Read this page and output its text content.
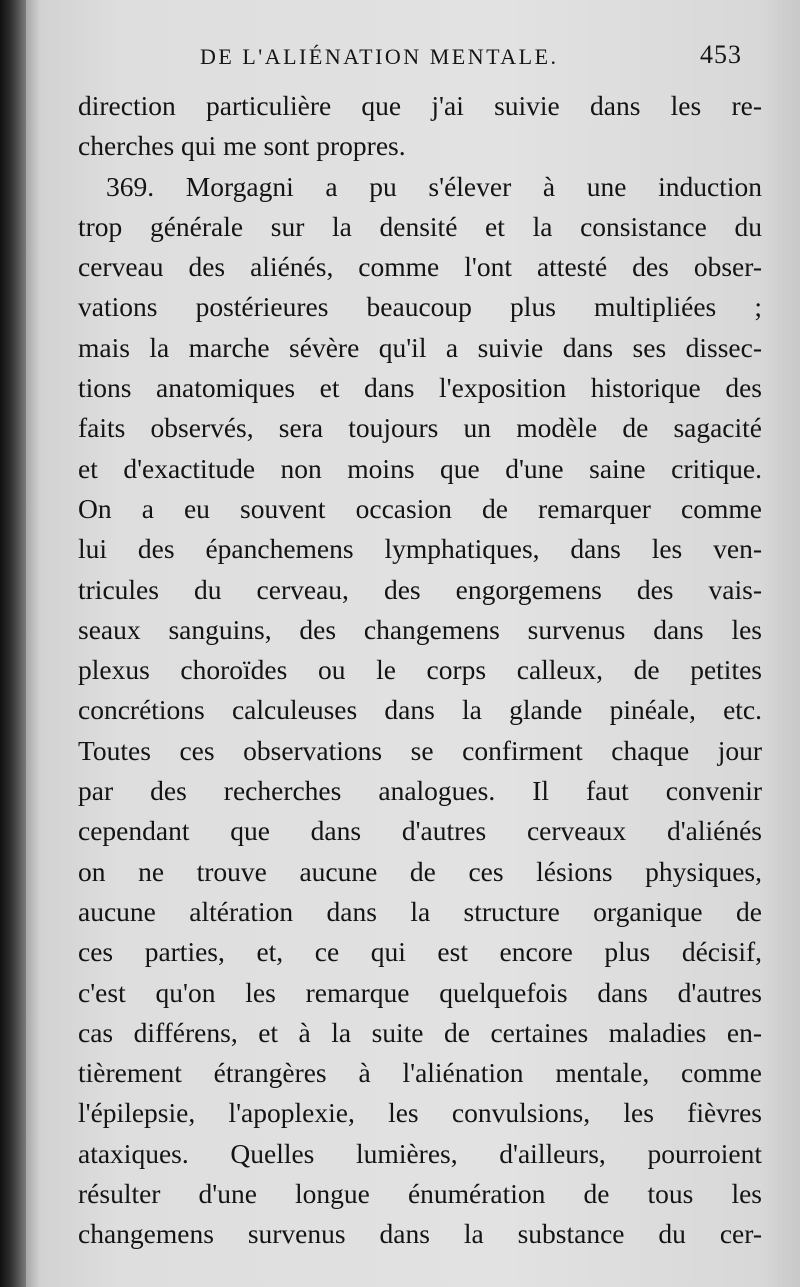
DE L'ALIÉNATION MENTALE.	453
direction particulière que j'ai suivie dans les re-
cherches qui me sont propres.
369. Morgagni a pu s'élever à une induction
trop générale sur la densité et la consistance du
cerveau des aliénés, comme l'ont attesté des obser-
vations postérieures beaucoup plus multipliées ;
mais la marche sévère qu'il a suivie dans ses dissec-
tions anatomiques et dans l'exposition historique des
faits observés, sera toujours un modèle de sagacité
et d'exactitude non moins que d'une saine critique.
On a eu souvent occasion de remarquer comme
lui des épanchemens lymphatiques, dans les ven-
tricules du cerveau, des engorgemens des vais-
seaux sanguins, des changemens survenus dans les
plexus choroïdes ou le corps calleux, de petites
concrétions calculeuses dans la glande pinéale, etc.
Toutes ces observations se confirment chaque jour
par des recherches analogues. Il faut convenir
cependant que dans d'autres cerveaux d'aliénés
on ne trouve aucune de ces lésions physiques,
aucune altération dans la structure organique de
ces parties, et, ce qui est encore plus décisif,
c'est qu'on les remarque quelquefois dans d'autres
cas différens, et à la suite de certaines maladies en-
tièrement étrangères à l'aliénation mentale, comme
l'épilepsie, l'apoplexie, les convulsions, les fièvres
ataxiques. Quelles lumières, d'ailleurs, pourroient
résulter d'une longue énumération de tous les
changemens survenus dans la substance du cer-
